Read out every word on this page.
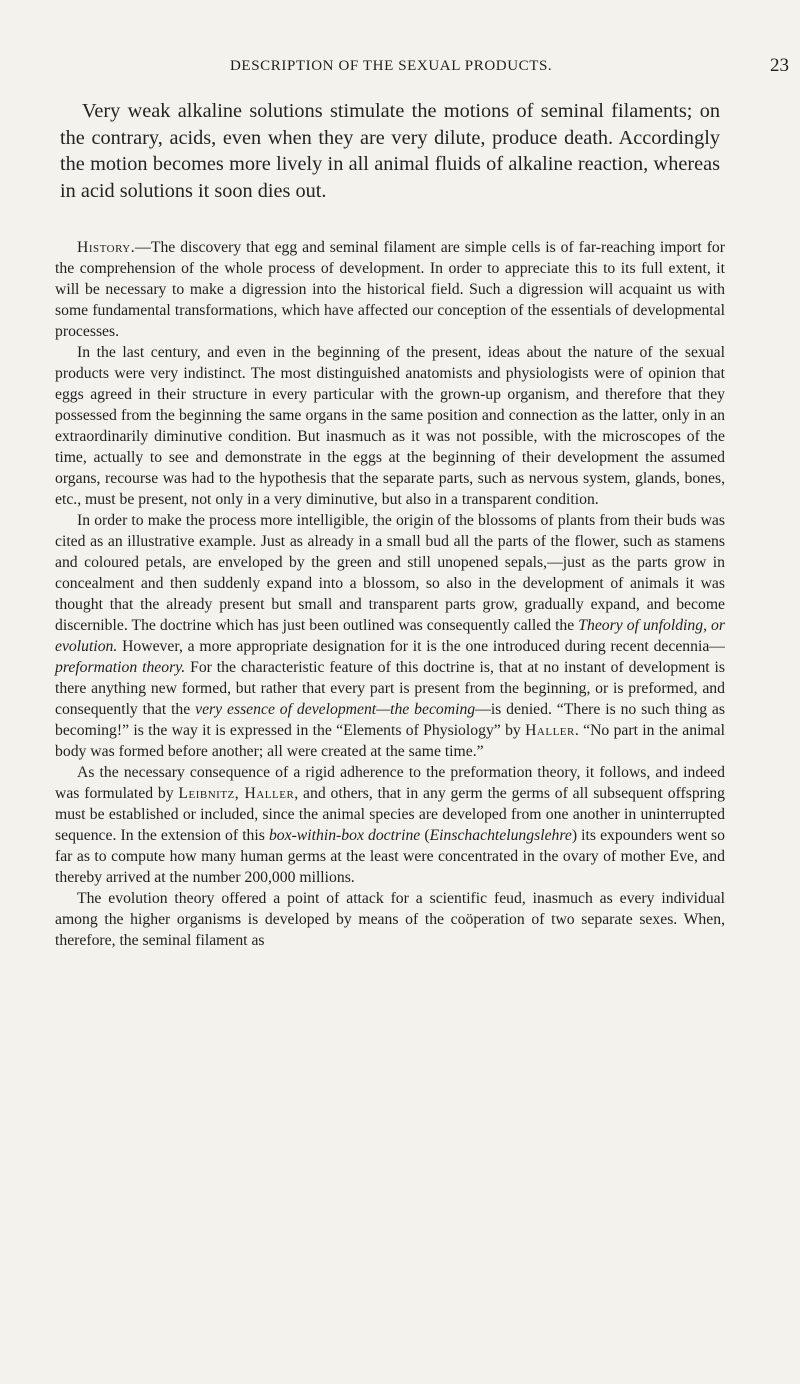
DESCRIPTION OF THE SEXUAL PRODUCTS.	23

Very weak alkaline solutions stimulate the motions of seminal filaments; on the contrary, acids, even when they are very dilute, produce death. Accordingly the motion becomes more lively in all animal fluids of alkaline reaction, whereas in acid solutions it soon dies out.

History.—The discovery that egg and seminal filament are simple cells is of far-reaching import for the comprehension of the whole process of development. In order to appreciate this to its full extent, it will be necessary to make a digression into the historical field. Such a digression will acquaint us with some fundamental transformations, which have affected our conception of the essentials of developmental processes.

In the last century, and even in the beginning of the present, ideas about the nature of the sexual products were very indistinct. The most distinguished anatomists and physiologists were of opinion that eggs agreed in their structure in every particular with the grown-up organism, and therefore that they possessed from the beginning the same organs in the same position and connection as the latter, only in an extraordinarily diminutive condition. But inasmuch as it was not possible, with the microscopes of the time, actually to see and demonstrate in the eggs at the beginning of their development the assumed organs, recourse was had to the hypothesis that the separate parts, such as nervous system, glands, bones, etc., must be present, not only in a very diminutive, but also in a transparent condition.

In order to make the process more intelligible, the origin of the blossoms of plants from their buds was cited as an illustrative example. Just as already in a small bud all the parts of the flower, such as stamens and coloured petals, are enveloped by the green and still unopened sepals,—just as the parts grow in concealment and then suddenly expand into a blossom, so also in the development of animals it was thought that the already present but small and transparent parts grow, gradually expand, and become discernible. The doctrine which has just been outlined was consequently called the Theory of unfolding, or evolution. However, a more appropriate designation for it is the one introduced during recent decennia—preformation theory. For the characteristic feature of this doctrine is, that at no instant of development is there anything new formed, but rather that every part is present from the beginning, or is preformed, and consequently that the very essence of development—the becoming—is denied. “There is no such thing as becoming!” is the way it is expressed in the “Elements of Physiology” by Haller. “No part in the animal body was formed before another; all were created at the same time.”

As the necessary consequence of a rigid adherence to the preformation theory, it follows, and indeed was formulated by Leibnitz, Haller, and others, that in any germ the germs of all subsequent offspring must be established or included, since the animal species are developed from one another in uninterrupted sequence. In the extension of this box-within-box doctrine (Einschachtelungslehre) its expounders went so far as to compute how many human germs at the least were concentrated in the ovary of mother Eve, and thereby arrived at the number 200,000 millions.

The evolution theory offered a point of attack for a scientific feud, inasmuch as every individual among the higher organisms is developed by means of the coöperation of two separate sexes. When, therefore, the seminal filament as
